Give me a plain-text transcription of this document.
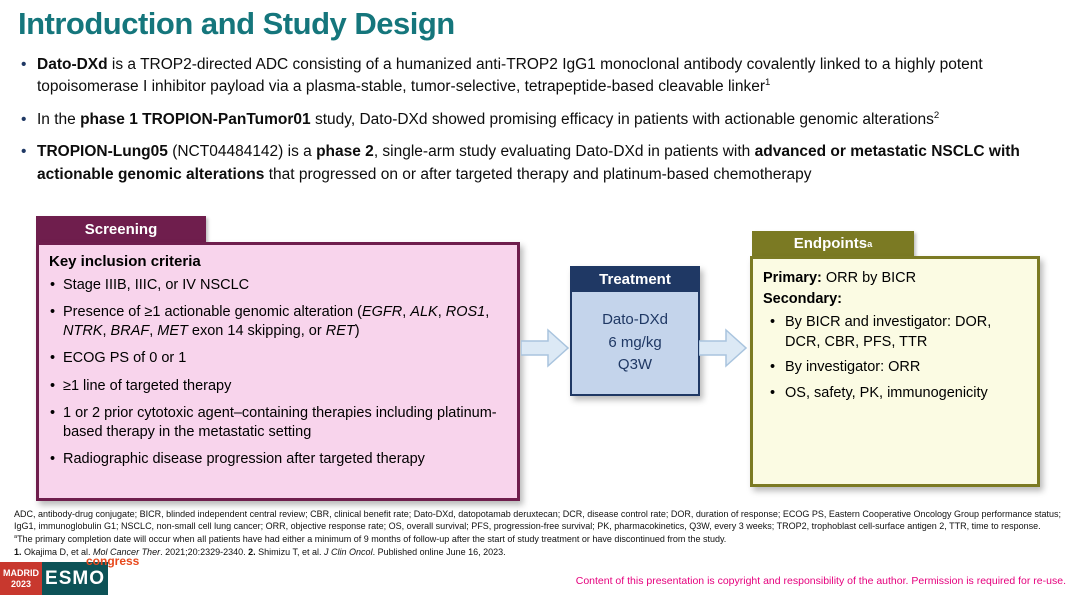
Introduction and Study Design
• Dato-DXd is a TROP2-directed ADC consisting of a humanized anti-TROP2 IgG1 monoclonal antibody covalently linked to a highly potent topoisomerase I inhibitor payload via a plasma-stable, tumor-selective, tetrapeptide-based cleavable linker$^1$
• In the phase 1 TROPION-PanTumor01 study, Dato-DXd showed promising efficacy in patients with actionable genomic alterations$^2$
• TROPION-Lung05 (NCT04484142) is a phase 2, single-arm study evaluating Dato-DXd in patients with advanced or metastatic NSCLC with actionable genomic alterations that progressed on or after targeted therapy and platinum-based chemotherapy
Screening
Key inclusion criteria
• Stage IIIB, IIIC, or IV NSCLC
• Presence of ≥1 actionable genomic alteration (EGFR, ALK, ROS1, NTRK, BRAF, MET exon 14 skipping, or RET)
• ECOG PS of 0 or 1
• ≥1 line of targeted therapy
• 1 or 2 prior cytotoxic agent–containing therapies including platinum-based therapy in the metastatic setting
• Radiographic disease progression after targeted therapy
Treatment
Dato-DXd
6 mg/kg
Q3W
Endpoints a
Primary: ORR by BICR
Secondary:
• By BICR and investigator: DOR, DCR, CBR, PFS, TTR
• By investigator: ORR
• OS, safety, PK, immunogenicity

ADC, antibody-drug conjugate; BICR, blinded independent central review; CBR, clinical benefit rate; Dato-DXd, datopotamab deruxtecan; DCR, disease control rate; DOR, duration of response; ECOG PS, Eastern Cooperative Oncology Group performance status; IgG1, immunoglobulin G1; NSCLC, non-small cell lung cancer; ORR, objective response rate; OS, overall survival; PFS, progression-free survival; PK, pharmacokinetics, Q3W, every 3 weeks; TROP2, trophoblast cell-surface antigen 2, TTR, time to response.

$^a$The primary completion date will occur when all patients have had either a minimum of 9 months of follow-up after the start of study treatment or have discontinued from the study.

1. Okajima D, et al. Mol Cancer Ther. 2021;20:2329-2340. 2. Shimizu T, et al. J Clin Oncol. Published online June 16, 2023.

MADRID
2023 ESMO
congress
Content of this presentation is copyright and responsibility of the author. Permission is required for re-use.
